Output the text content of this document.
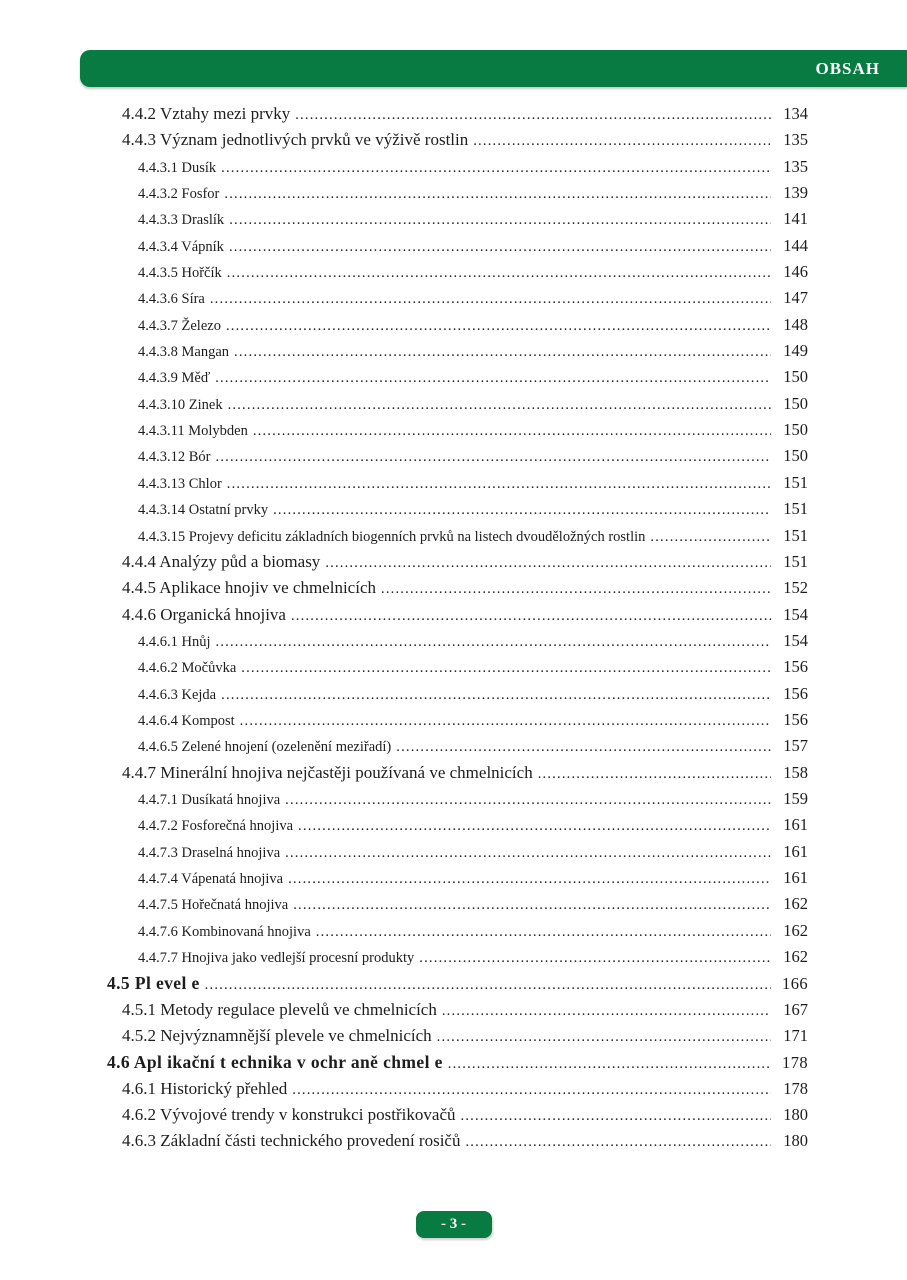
OBSAH
4.4.2 Vztahy mezi prvky .....	134
4.4.3 Význam jednotlivých prvků ve výživě rostlin .....	135
4.4.3.1 Dusík .....	135
4.4.3.2 Fosfor .....	139
4.4.3.3 Draslík .....	141
4.4.3.4 Vápník .....	144
4.4.3.5 Hořčík .....	146
4.4.3.6 Síra .....	147
4.4.3.7 Železo .....	148
4.4.3.8 Mangan .....	149
4.4.3.9 Měď .....	150
4.4.3.10 Zinek .....	150
4.4.3.11 Molybden .....	150
4.4.3.12 Bór .....	150
4.4.3.13 Chlor .....	151
4.4.3.14 Ostatní prvky .....	151
4.4.3.15 Projevy deficitu základních biogenních prvků na listech dvouděložných rostlin .....	151
4.4.4 Analýzy půd a biomasy .....	151
4.4.5 Aplikace hnojiv ve chmelnicích .....	152
4.4.6 Organická hnojiva .....	154
4.4.6.1 Hnůj .....	154
4.4.6.2 Močůvka .....	156
4.4.6.3 Kejda .....	156
4.4.6.4 Kompost .....	156
4.4.6.5 Zelené hnojení (ozelenění meziřadí) .....	157
4.4.7 Minerální hnojiva nejčastěji používaná ve chmelnicích .....	158
4.4.7.1 Dusíkatá hnojiva .....	159
4.4.7.2 Fosforečná hnojiva .....	161
4.4.7.3 Draselná hnojiva .....	161
4.4.7.4 Vápenatá hnojiva .....	161
4.4.7.5 Hořečnatá hnojiva .....	162
4.4.7.6 Kombinovaná hnojiva .....	162
4.4.7.7 Hnojiva jako vedlejší procesní produkty .....	162
4.5 Pl evel e .....	166
4.5.1 Metody regulace plevelů ve chmelnicích .....	167
4.5.2 Nejvýznamnější plevele ve chmelnicích .....	171
4.6 Apl ikační t echnika v ochr aně chmel e .....	178
4.6.1 Historický přehled .....	178
4.6.2 Vývojové trendy v konstrukci postřikovačů .....	180
4.6.3 Základní části technického provedení rosičů .....	180
- 3 -
